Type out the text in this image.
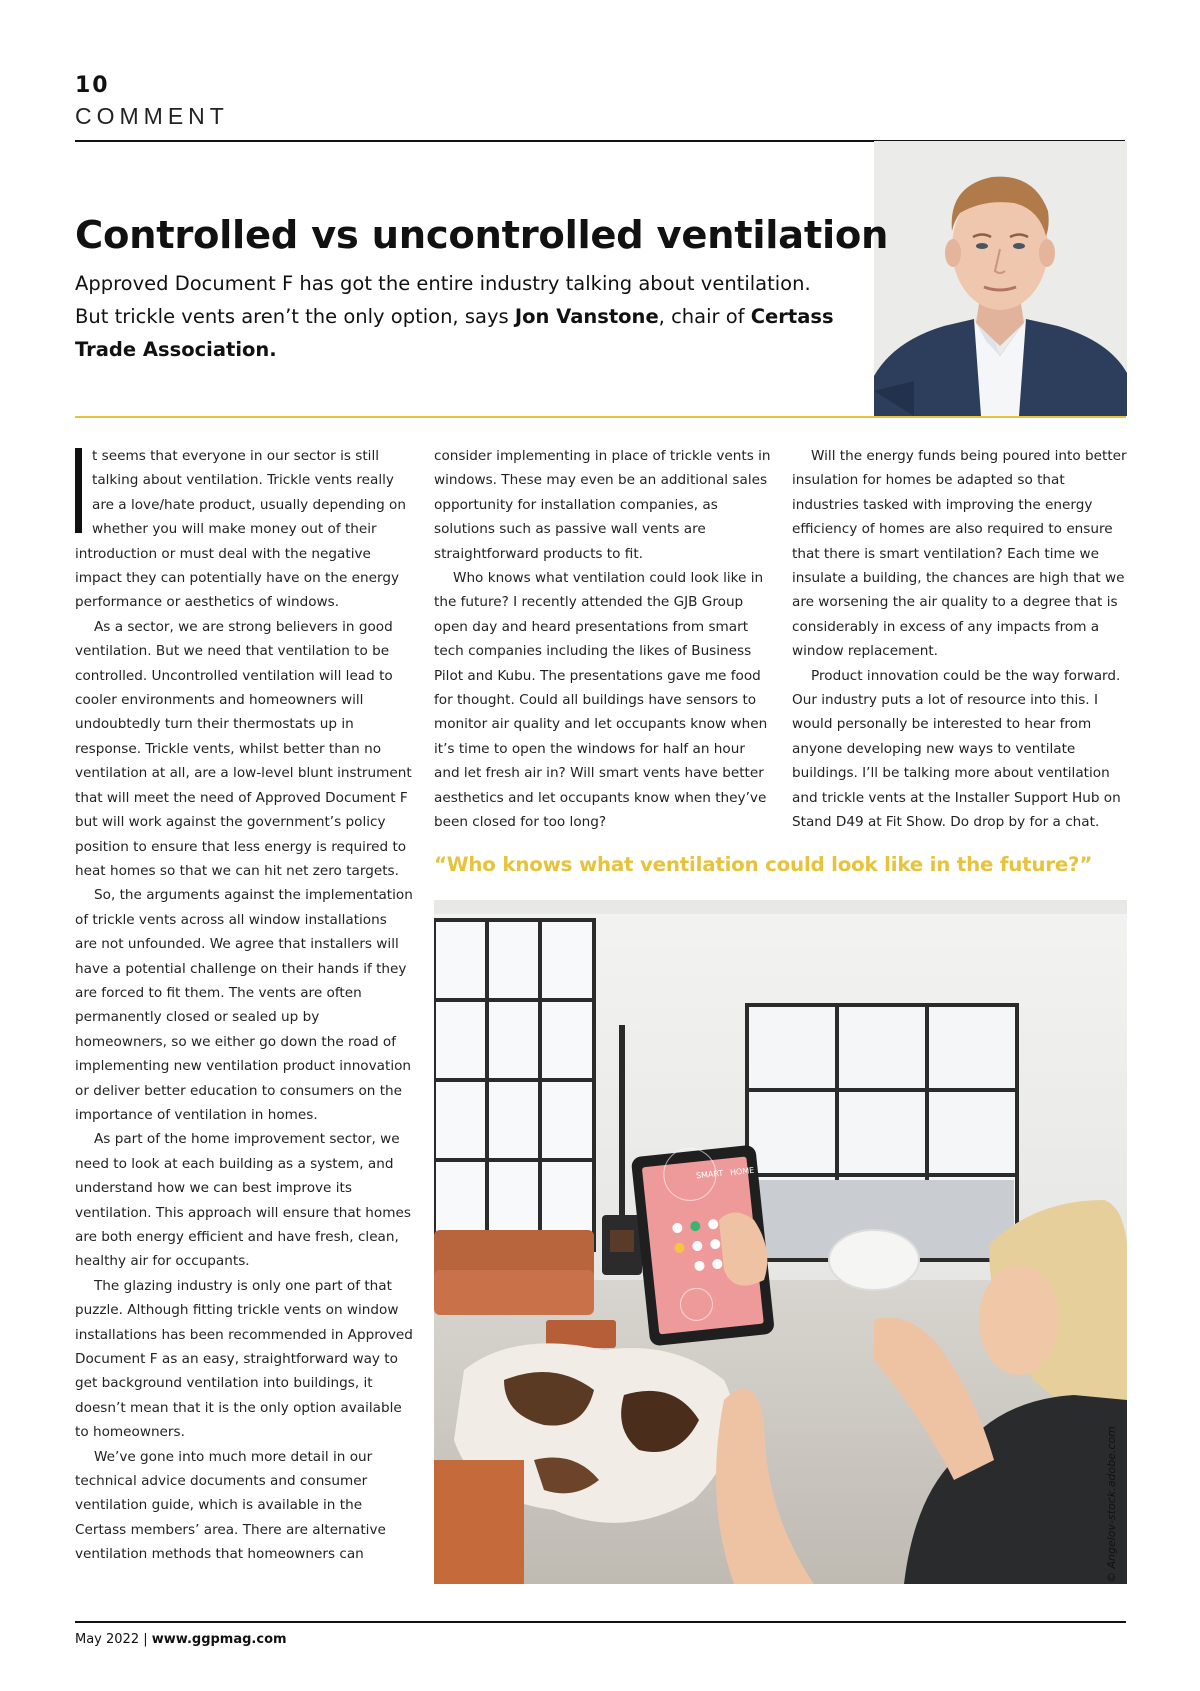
10
COMMENT
Controlled vs uncontrolled ventilation

Approved Document F has got the entire industry talking about ventilation. But trickle vents aren’t the only option, says Jon Vanstone, chair of Certass Trade Association.

t seems that everyone in our sector is still talking about ventilation. Trickle vents really are a love/hate product, usually depending on whether you will make money out of their introduction or must deal with the negative impact they can potentially have on the energy performance or aesthetics of windows.

As a sector, we are strong believers in good ventilation. But we need that ventilation to be controlled. Uncontrolled ventilation will lead to cooler environments and homeowners will undoubtedly turn their thermostats up in response. Trickle vents, whilst better than no ventilation at all, are a low-level blunt instrument that will meet the need of Approved Document F but will work against the government’s policy position to ensure that less energy is required to heat homes so that we can hit net zero targets.

So, the arguments against the implementation of trickle vents across all window installations are not unfounded. We agree that installers will have a potential challenge on their hands if they are forced to fit them. The vents are often permanently closed or sealed up by homeowners, so we either go down the road of implementing new ventilation product innovation or deliver better education to consumers on the importance of ventilation in homes.

As part of the home improvement sector, we need to look at each building as a system, and understand how we can best improve its ventilation. This approach will ensure that homes are both energy efficient and have fresh, clean, healthy air for occupants.

The glazing industry is only one part of that puzzle. Although fitting trickle vents on window installations has been recommended in Approved Document F as an easy, straightforward way to get background ventilation into buildings, it doesn’t mean that it is the only option available to homeowners.

We’ve gone into much more detail in our technical advice documents and consumer ventilation guide, which is available in the Certass members’ area. There are alternative ventilation methods that homeowners can

consider implementing in place of trickle vents in windows. These may even be an additional sales opportunity for installation companies, as solutions such as passive wall vents are straightforward products to fit.

Who knows what ventilation could look like in the future? I recently attended the GJB Group open day and heard presentations from smart tech companies including the likes of Business Pilot and Kubu. The presentations gave me food for thought. Could all buildings have sensors to monitor air quality and let occupants know when it’s time to open the windows for half an hour and let fresh air in? Will smart vents have better aesthetics and let occupants know when they’ve been closed for too long?

Will the energy funds being poured into better insulation for homes be adapted so that industries tasked with improving the energy efficiency of homes are also required to ensure that there is smart ventilation? Each time we insulate a building, the chances are high that we are worsening the air quality to a degree that is considerably in excess of any impacts from a window replacement.

Product innovation could be the way forward. Our industry puts a lot of resource into this. I would personally be interested to hear from anyone developing new ways to ventilate buildings. I’ll be talking more about ventilation and trickle vents at the Installer Support Hub on Stand D49 at Fit Show. Do drop by for a chat.

“Who knows what ventilation could look like in the future?”
SMART HOME
© Angelov-stock.adobe.com
May 2022 | www.ggpmag.com
